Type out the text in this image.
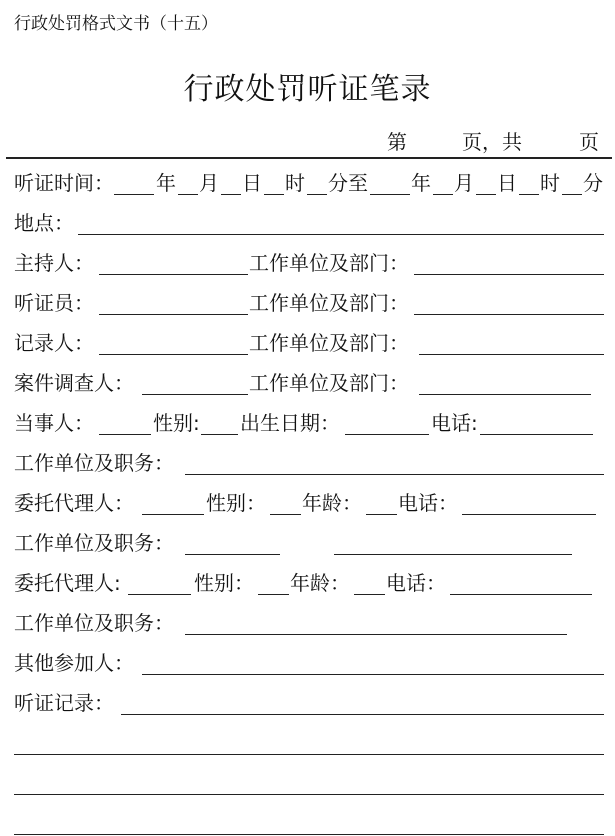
行政处罚格式文书（十五）
行政处罚听证笔录
第	页，共	页
听证时间： 年 月 日 时 分至 年 月 日 时 分
地点：
主持人：	工作单位及部门：
听证员：	工作单位及部门：
记录人：	工作单位及部门：
案件调查人：	工作单位及部门：
当事人：	性别: 出生日期：	电话:
工作单位及职务：
委托代理人：	性别： 年龄： 电话：
工作单位及职务：
委托代理人:	性别： 年龄： 电话：
工作单位及职务：
其他参加人：
听证记录：
